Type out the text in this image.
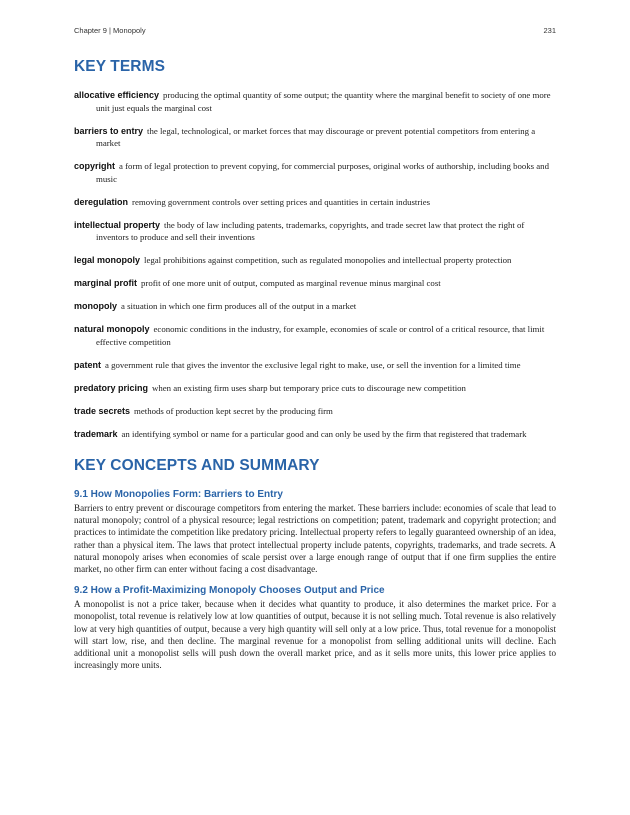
Chapter 9 | Monopoly	231
KEY TERMS

allocative efficiency producing the optimal quantity of some output; the quantity where the marginal benefit to society of one more unit just equals the marginal cost

barriers to entry the legal, technological, or market forces that may discourage or prevent potential competitors from entering a market

copyright a form of legal protection to prevent copying, for commercial purposes, original works of authorship, including books and music

deregulation removing government controls over setting prices and quantities in certain industries

intellectual property the body of law including patents, trademarks, copyrights, and trade secret law that protect the right of inventors to produce and sell their inventions

legal monopoly legal prohibitions against competition, such as regulated monopolies and intellectual property protection

marginal profit profit of one more unit of output, computed as marginal revenue minus marginal cost

monopoly a situation in which one firm produces all of the output in a market

natural monopoly economic conditions in the industry, for example, economies of scale or control of a critical resource, that limit effective competition

patent a government rule that gives the inventor the exclusive legal right to make, use, or sell the invention for a limited time

predatory pricing when an existing firm uses sharp but temporary price cuts to discourage new competition

trade secrets methods of production kept secret by the producing firm

trademark an identifying symbol or name for a particular good and can only be used by the firm that registered that trademark

KEY CONCEPTS AND SUMMARY
9.1 How Monopolies Form: Barriers to Entry

Barriers to entry prevent or discourage competitors from entering the market. These barriers include: economies of scale that lead to natural monopoly; control of a physical resource; legal restrictions on competition; patent, trademark and copyright protection; and practices to intimidate the competition like predatory pricing. Intellectual property refers to legally guaranteed ownership of an idea, rather than a physical item. The laws that protect intellectual property include patents, copyrights, trademarks, and trade secrets. A natural monopoly arises when economies of scale persist over a large enough range of output that if one firm supplies the entire market, no other firm can enter without facing a cost disadvantage.

9.2 How a Profit-Maximizing Monopoly Chooses Output and Price

A monopolist is not a price taker, because when it decides what quantity to produce, it also determines the market price. For a monopolist, total revenue is relatively low at low quantities of output, because it is not selling much. Total revenue is also relatively low at very high quantities of output, because a very high quantity will sell only at a low price. Thus, total revenue for a monopolist will start low, rise, and then decline. The marginal revenue for a monopolist from selling additional units will decline. Each additional unit a monopolist sells will push down the overall market price, and as it sells more units, this lower price applies to increasingly more units.
